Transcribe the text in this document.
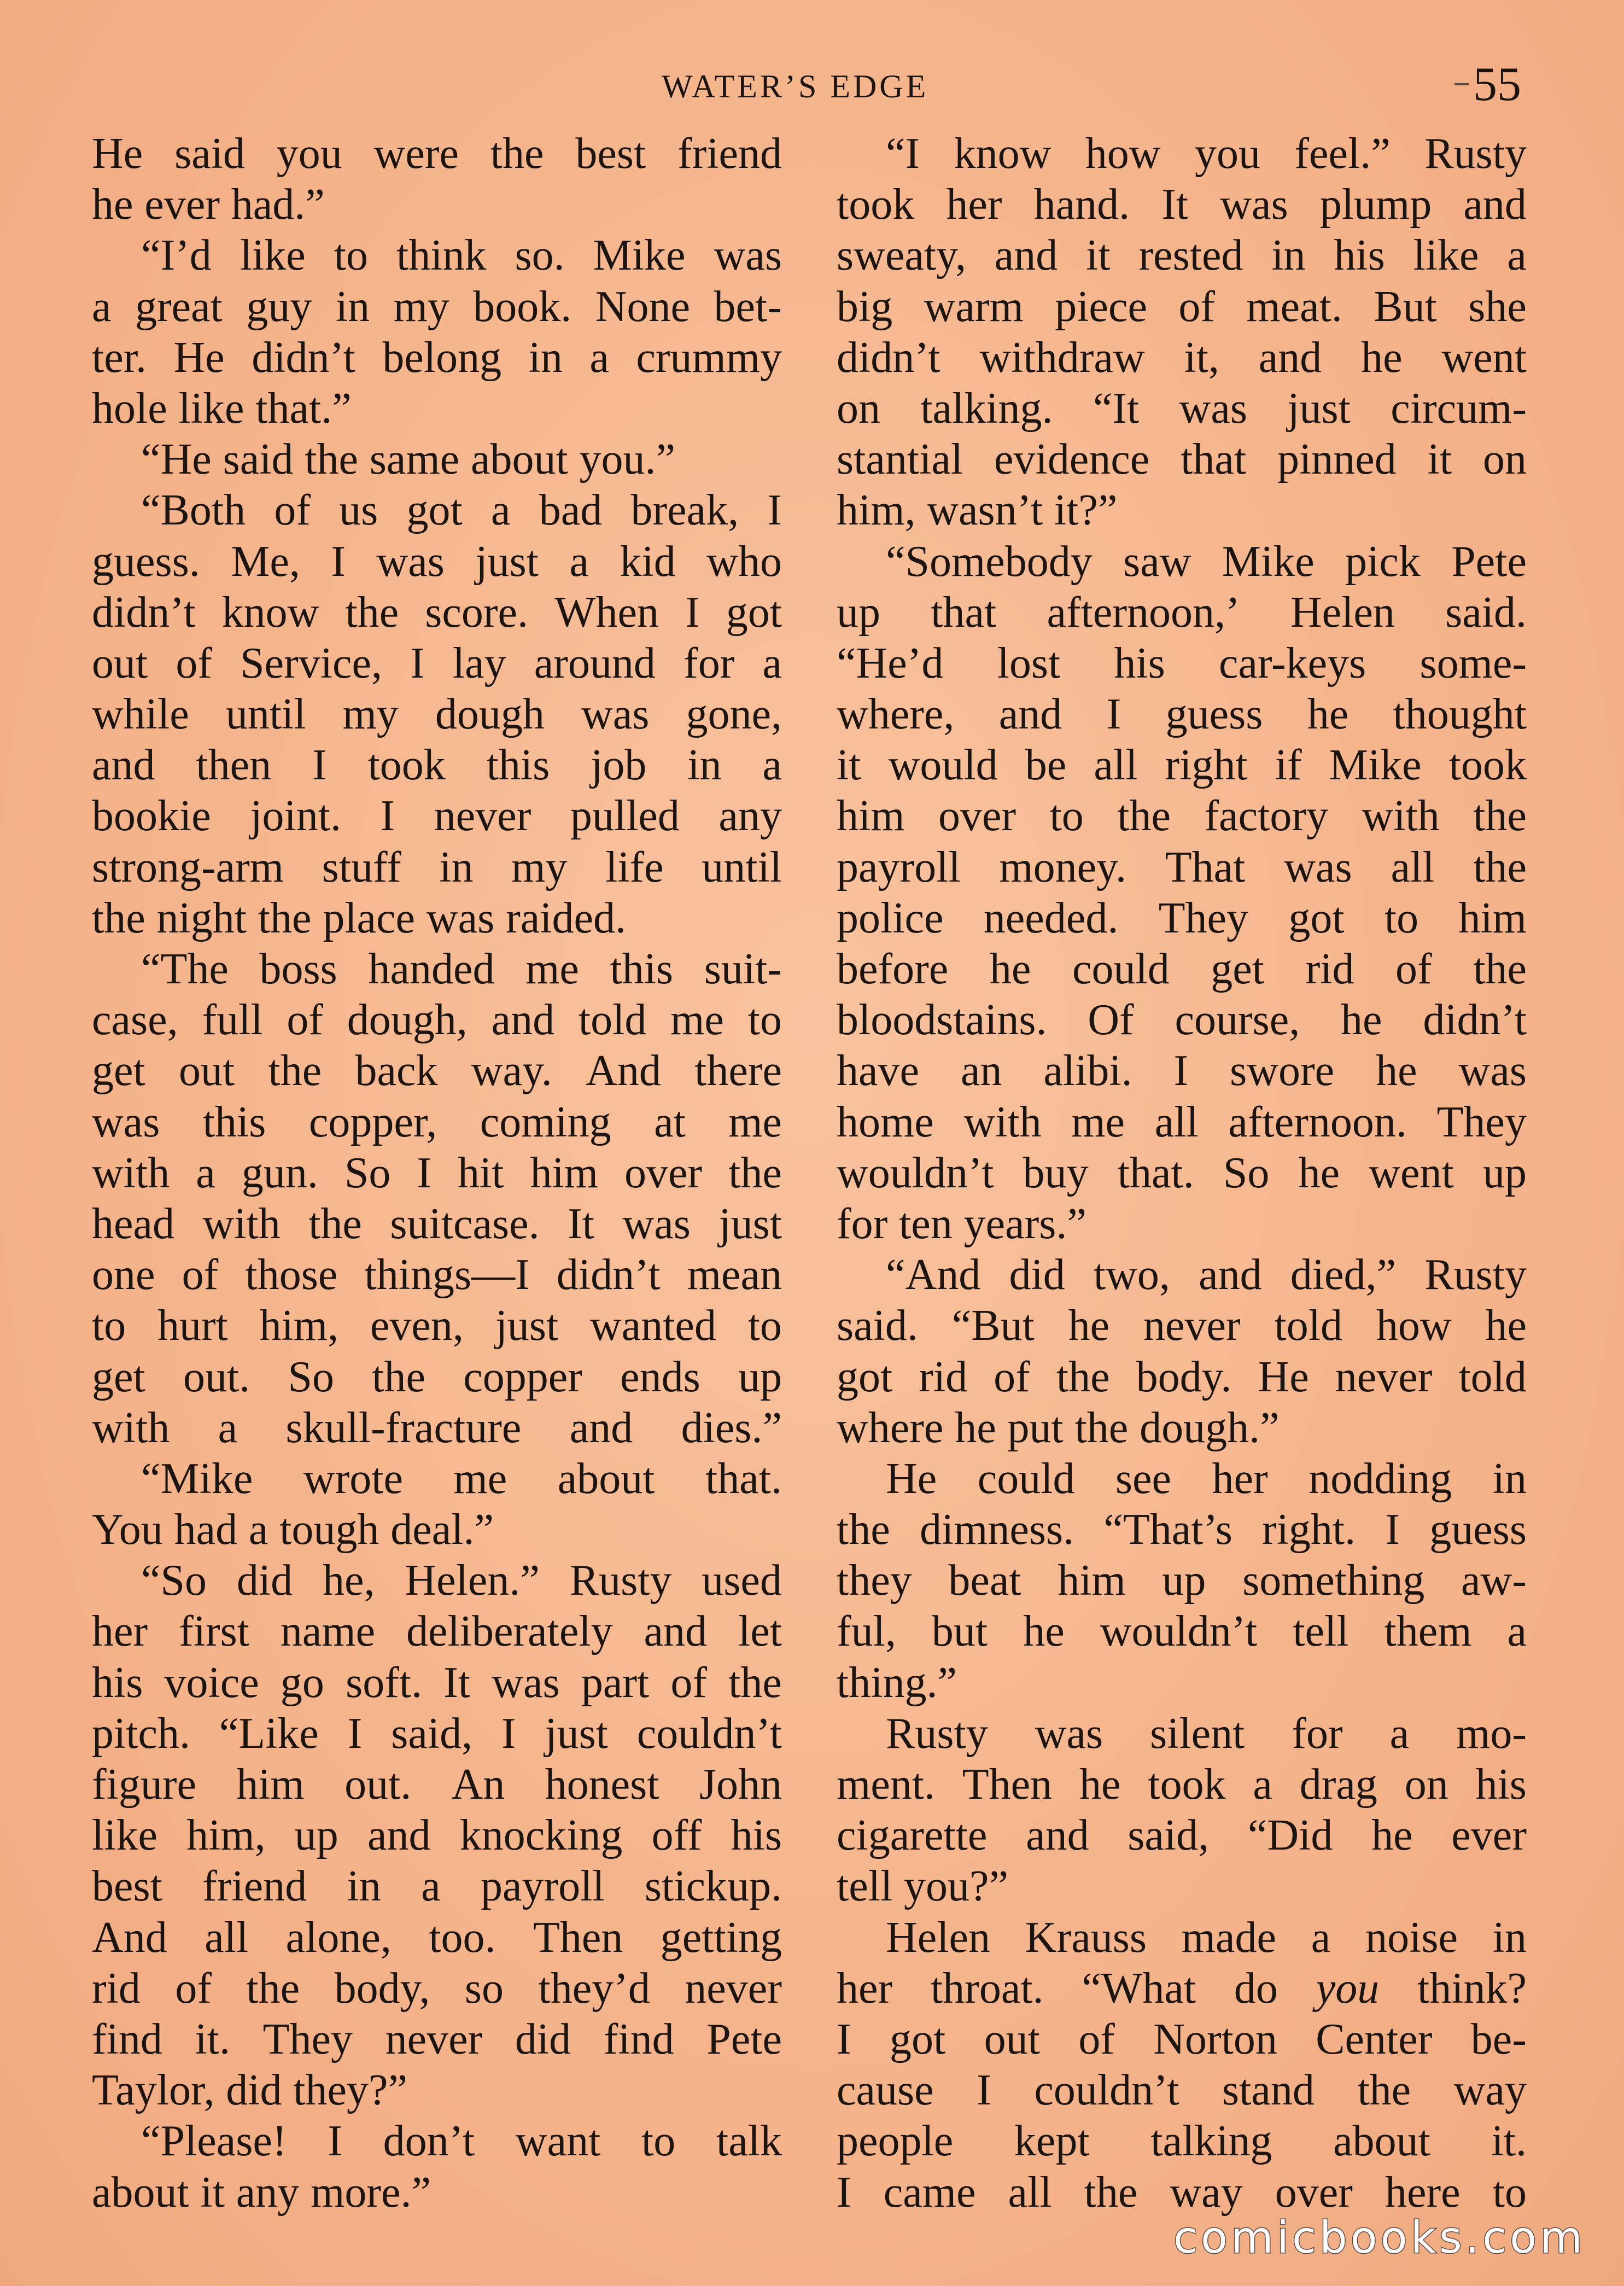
WATER’S EDGE	55
He said you were the best friend
he ever had.”
“I’d like to think so. Mike was
a great guy in my book. None bet-
ter. He didn’t belong in a crummy
hole like that.”
“He said the same about you.”
“Both of us got a bad break, I
guess. Me, I was just a kid who
didn’t know the score. When I got
out of Service, I lay around for a
while until my dough was gone,
and then I took this job in a
bookie joint. I never pulled any
strong-arm stuff in my life until
the night the place was raided.
“The boss handed me this suit-
case, full of dough, and told me to
get out the back way. And there
was this copper, coming at me
with a gun. So I hit him over the
head with the suitcase. It was just
one of those things—I didn’t mean
to hurt him, even, just wanted to
get out. So the copper ends up
with a skull-fracture and dies.”
“Mike wrote me about that.
You had a tough deal.”
“So did he, Helen.” Rusty used
her first name deliberately and let
his voice go soft. It was part of the
pitch. “Like I said, I just couldn’t
figure him out. An honest John
like him, up and knocking off his
best friend in a payroll stickup.
And all alone, too. Then getting
rid of the body, so they’d never
find it. They never did find Pete
Taylor, did they?”
“Please! I don’t want to talk
about it any more.”
“I know how you feel.” Rusty
took her hand. It was plump and
sweaty, and it rested in his like a
big warm piece of meat. But she
didn’t withdraw it, and he went
on talking. “It was just circum-
stantial evidence that pinned it on
him, wasn’t it?”
“Somebody saw Mike pick Pete
up that afternoon,’ Helen said.
“He’d lost his car-keys some-
where, and I guess he thought
it would be all right if Mike took
him over to the factory with the
payroll money. That was all the
police needed. They got to him
before he could get rid of the
bloodstains. Of course, he didn’t
have an alibi. I swore he was
home with me all afternoon. They
wouldn’t buy that. So he went up
for ten years.”
“And did two, and died,” Rusty
said. “But he never told how he
got rid of the body. He never told
where he put the dough.”
He could see her nodding in
the dimness. “That’s right. I guess
they beat him up something aw-
ful, but he wouldn’t tell them a
thing.”
Rusty was silent for a mo-
ment. Then he took a drag on his
cigarette and said, “Did he ever
tell you?”
Helen Krauss made a noise in
her throat. “What do you think?
I got out of Norton Center be-
cause I couldn’t stand the way
people kept talking about it.
I came all the way over here to
comicbooks.com
